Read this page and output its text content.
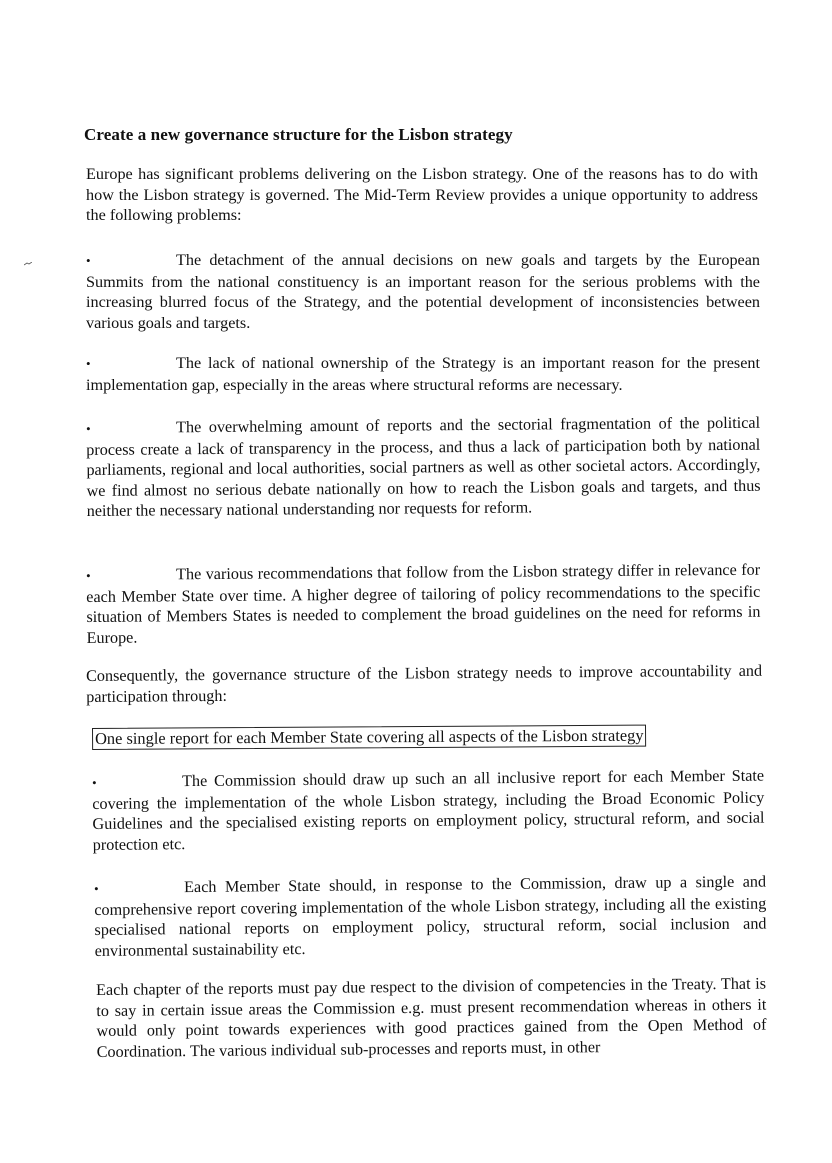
Create a new governance structure for the Lisbon strategy

Europe has significant problems delivering on the Lisbon strategy. One of the reasons has to do with how the Lisbon strategy is governed. The Mid-Term Review provides a unique opportunity to address the following problems:

•	The detachment of the annual decisions on new goals and targets by the European Summits from the national constituency is an important reason for the serious problems with the increasing blurred focus of the Strategy, and the potential development of inconsistencies between various goals and targets.

•	The lack of national ownership of the Strategy is an important reason for the present implementation gap, especially in the areas where structural reforms are necessary.

•	The overwhelming amount of reports and the sectorial fragmentation of the political process create a lack of transparency in the process, and thus a lack of participation both by national parliaments, regional and local authorities, social partners as well as other societal actors. Accordingly, we find almost no serious debate nationally on how to reach the Lisbon goals and targets, and thus neither the necessary national understanding nor requests for reform.

•	The various recommendations that follow from the Lisbon strategy differ in relevance for each Member State over time. A higher degree of tailoring of policy recommendations to the specific situation of Members States is needed to complement the broad guidelines on the need for reforms in Europe.

Consequently, the governance structure of the Lisbon strategy needs to improve accountability and participation through:

One single report for each Member State covering all aspects of the Lisbon strategy

•	The Commission should draw up such an all inclusive report for each Member State covering the implementation of the whole Lisbon strategy, including the Broad Economic Policy Guidelines and the specialised existing reports on employment policy, structural reform, and social protection etc.

•	Each Member State should, in response to the Commission, draw up a single and comprehensive report covering implementation of the whole Lisbon strategy, including all the existing specialised national reports on employment policy, structural reform, social inclusion and environmental sustainability etc.

Each chapter of the reports must pay due respect to the division of competencies in the Treaty. That is to say in certain issue areas the Commission e.g. must present recommendation whereas in others it would only point towards experiences with good practices gained from the Open Method of Coordination. The various individual sub-processes and reports must, in other
